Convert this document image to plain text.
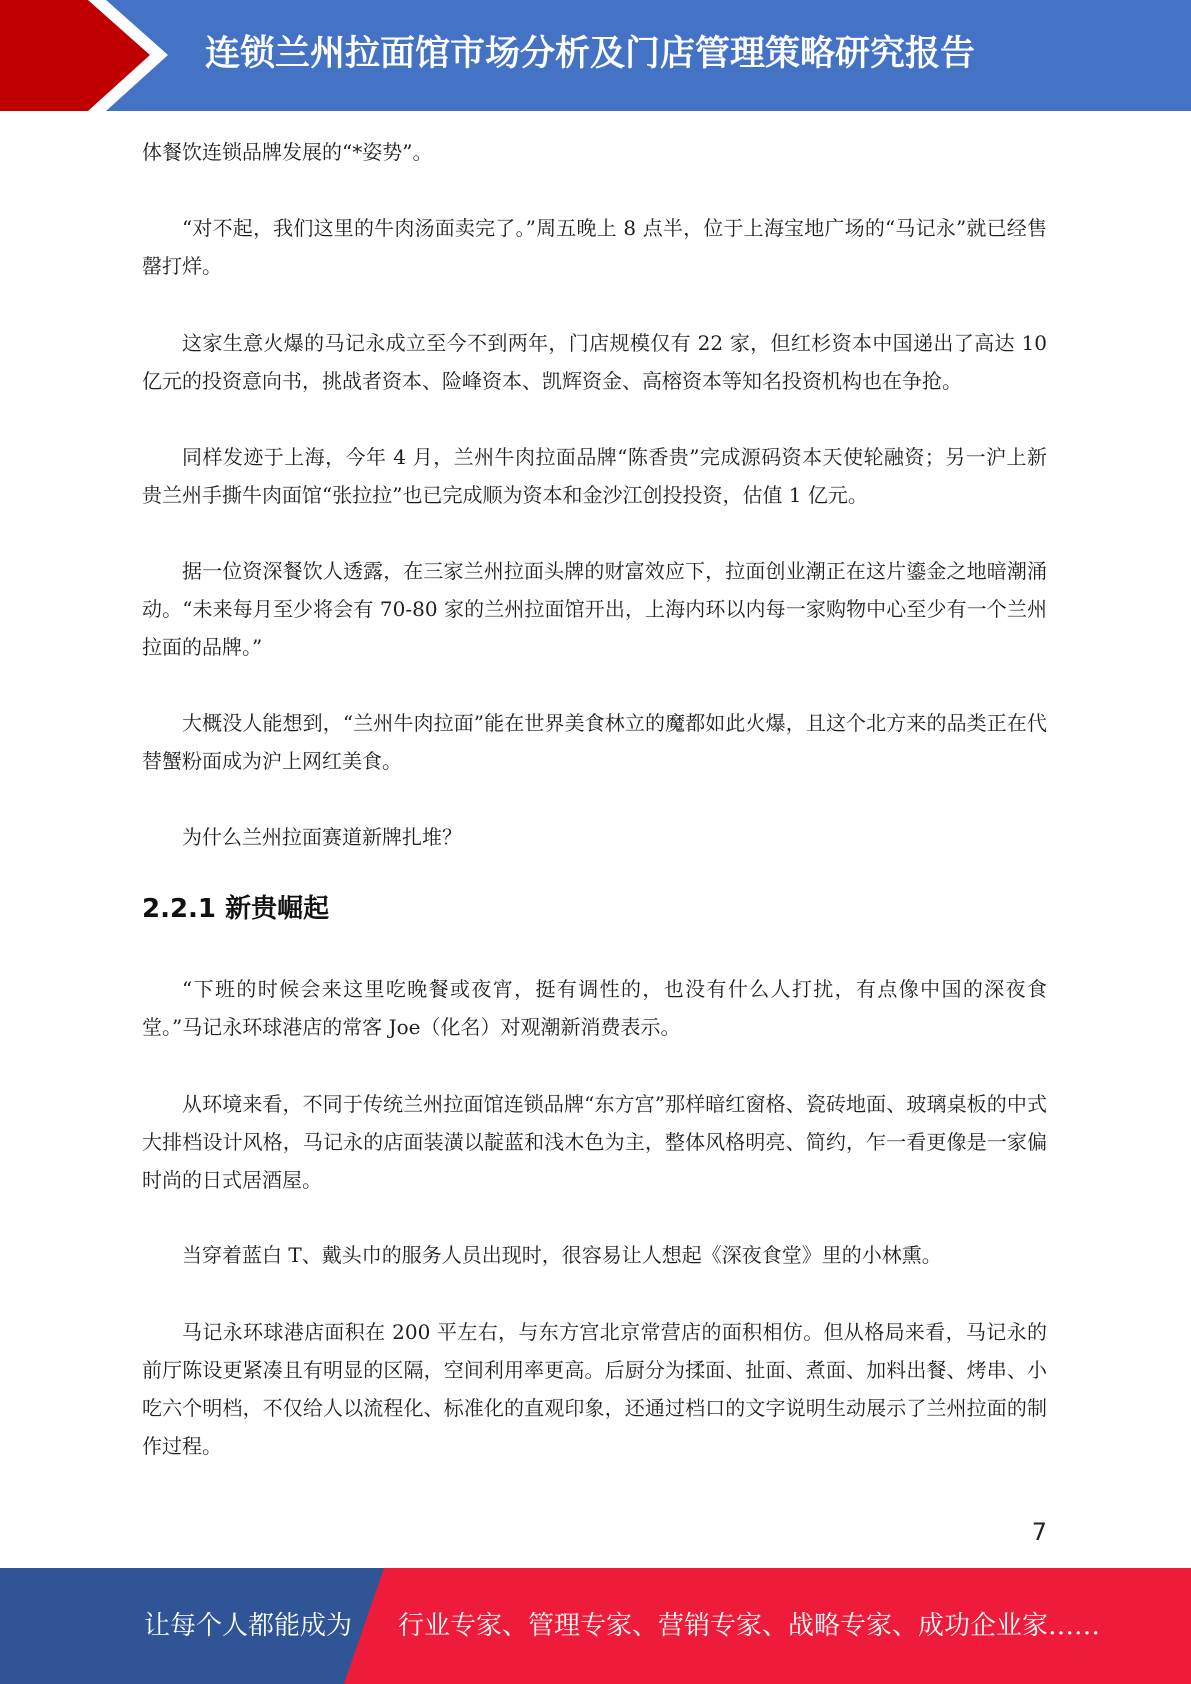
连锁兰州拉面馆市场分析及门店管理策略研究报告

体餐饮连锁品牌发展的“*姿势”。

“对不起，我们这里的牛肉汤面卖完了。”周五晚上 8 点半，位于上海宝地广场的“马记永”就已经售罄打烊。

这家生意火爆的马记永成立至今不到两年，门店规模仅有 22 家，但红杉资本中国递出了高达 10 亿元的投资意向书，挑战者资本、险峰资本、凯辉资金、高榕资本等知名投资机构也在争抢。

同样发迹于上海，今年 4 月，兰州牛肉拉面品牌“陈香贵”完成源码资本天使轮融资；另一沪上新贵兰州手撕牛肉面馆“张拉拉”也已完成顺为资本和金沙江创投投资，估值 1 亿元。

据一位资深餐饮人透露，在三家兰州拉面头牌的财富效应下，拉面创业潮正在这片鎏金之地暗潮涌动。“未来每月至少将会有 70-80 家的兰州拉面馆开出，上海内环以内每一家购物中心至少有一个兰州拉面的品牌。”

大概没人能想到，“兰州牛肉拉面”能在世界美食林立的魔都如此火爆，且这个北方来的品类正在代替蟹粉面成为沪上网红美食。

为什么兰州拉面赛道新牌扎堆？

2.2.1 新贵崛起

“下班的时候会来这里吃晚餐或夜宵，挺有调性的，也没有什么人打扰，有点像中国的深夜食堂。”马记永环球港店的常客 Joe（化名）对观潮新消费表示。

从环境来看，不同于传统兰州拉面馆连锁品牌“东方宫”那样暗红窗格、瓷砖地面、玻璃桌板的中式大排档设计风格，马记永的店面装潢以靛蓝和浅木色为主，整体风格明亮、简约，乍一看更像是一家偏时尚的日式居酒屋。

当穿着蓝白 T、戴头巾的服务人员出现时，很容易让人想起《深夜食堂》里的小林熏。

马记永环球港店面积在 200 平左右，与东方宫北京常营店的面积相仿。但从格局来看，马记永的前厅陈设更紧凑且有明显的区隔，空间利用率更高。后厨分为揉面、扯面、煮面、加料出餐、烤串、小吃六个明档，不仅给人以流程化、标准化的直观印象，还通过档口的文字说明生动展示了兰州拉面的制作过程。

7
让每个人都能成为 行业专家、管理专家、营销专家、战略专家、成功企业家……
